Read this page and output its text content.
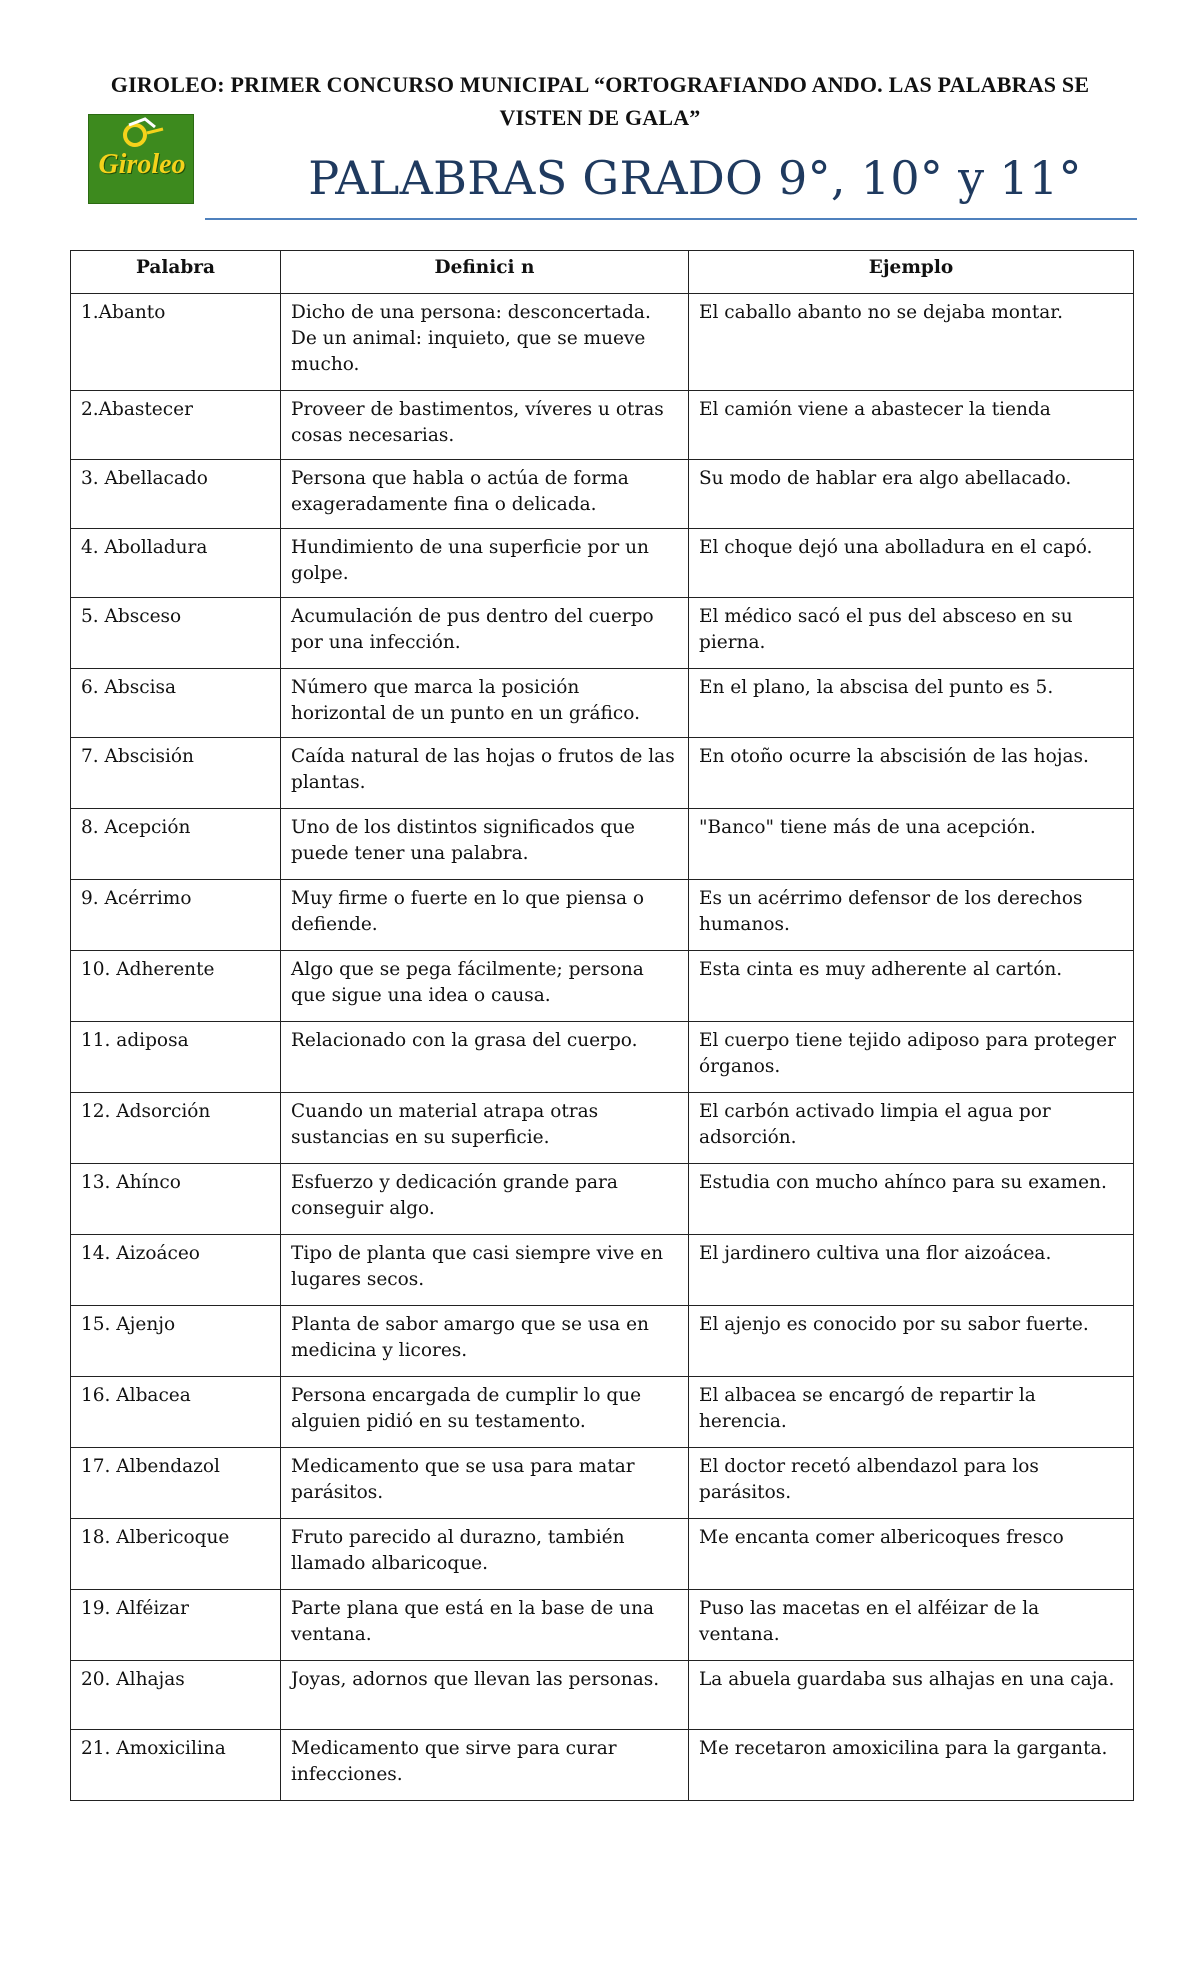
GIROLEO: PRIMER CONCURSO MUNICIPAL “ORTOGRAFIANDO ANDO. LAS PALABRAS SE
VISTEN DE GALA”
Giroleo	PALABRAS GRADO 9°, 10° y 11°
Palabra	Definici n	Ejemplo
1.Abanto	Dicho de una persona: desconcertada. De un animal: inquieto, que se mueve mucho.	El caballo abanto no se dejaba montar.
2.Abastecer	Proveer de bastimentos, víveres u otras cosas necesarias.	El camión viene a abastecer la tienda
3. Abellacado	Persona que habla o actúa de forma exageradamente fina o delicada.	Su modo de hablar era algo abellacado.
4. Abolladura	Hundimiento de una superficie por un golpe.	El choque dejó una abolladura en el capó.
5. Absceso	Acumulación de pus dentro del cuerpo por una infección.	El médico sacó el pus del absceso en su pierna.
6. Abscisa	Número que marca la posición horizontal de un punto en un gráfico.	En el plano, la abscisa del punto es 5.
7. Abscisión	Caída natural de las hojas o frutos de las plantas.	En otoño ocurre la abscisión de las hojas.
8. Acepción	Uno de los distintos significados que puede tener una palabra.	"Banco" tiene más de una acepción.
9. Acérrimo	Muy firme o fuerte en lo que piensa o defiende.	Es un acérrimo defensor de los derechos humanos.
10. Adherente	Algo que se pega fácilmente; persona que sigue una idea o causa.	Esta cinta es muy adherente al cartón.
11. adiposa	Relacionado con la grasa del cuerpo.	El cuerpo tiene tejido adiposo para proteger órganos.
12. Adsorción	Cuando un material atrapa otras sustancias en su superficie.	El carbón activado limpia el agua por adsorción.
13. Ahínco	Esfuerzo y dedicación grande para conseguir algo.	Estudia con mucho ahínco para su examen.
14. Aizoáceo	Tipo de planta que casi siempre vive en lugares secos.	El jardinero cultiva una flor aizoácea.
15. Ajenjo	Planta de sabor amargo que se usa en medicina y licores.	El ajenjo es conocido por su sabor fuerte.
16. Albacea	Persona encargada de cumplir lo que alguien pidió en su testamento.	El albacea se encargó de repartir la herencia.
17. Albendazol	Medicamento que se usa para matar parásitos.	El doctor recetó albendazol para los parásitos.
18. Albericoque	Fruto parecido al durazno, también llamado albaricoque.	Me encanta comer albericoques fresco
19. Alféizar	Parte plana que está en la base de una ventana.	Puso las macetas en el alféizar de la ventana.
20. Alhajas	Joyas, adornos que llevan las personas.	La abuela guardaba sus alhajas en una caja.
21. Amoxicilina	Medicamento que sirve para curar infecciones.	Me recetaron amoxicilina para la garganta.
